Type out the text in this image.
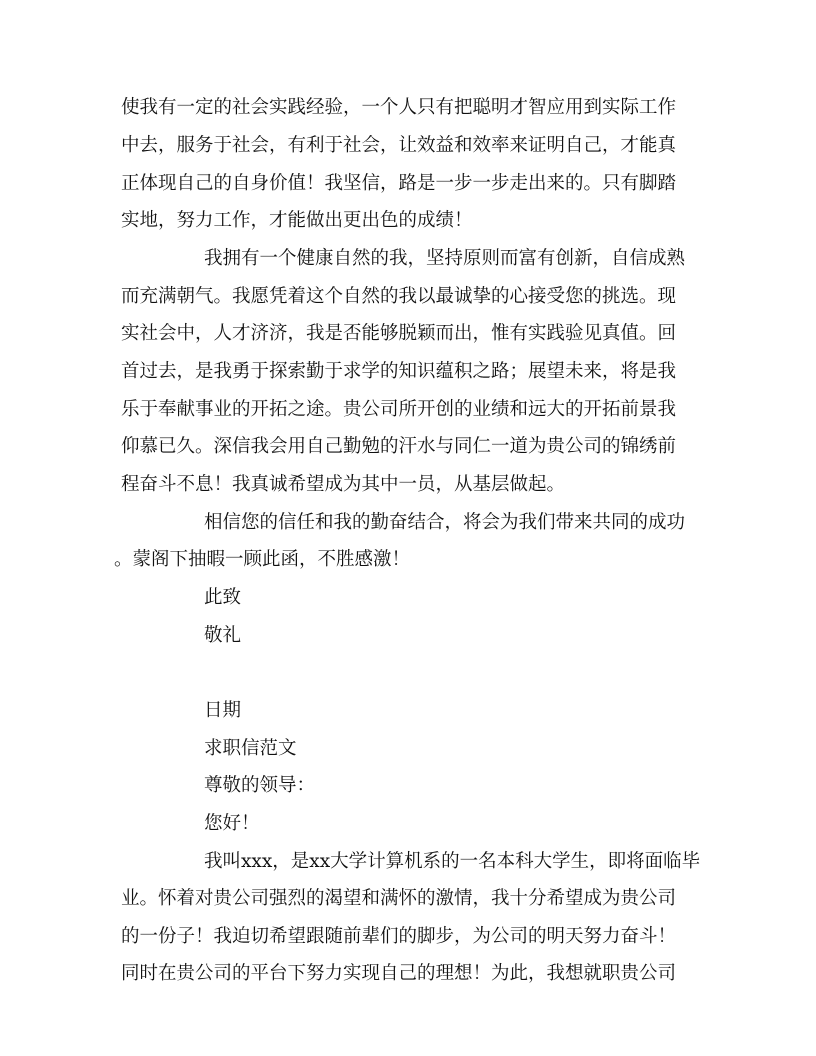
使我有一定的社会实践经验，一个人只有把聪明才智应用到实际工作
中去，服务于社会，有利于社会，让效益和效率来证明自己，才能真
正体现自己的自身价值！我坚信，路是一步一步走出来的。只有脚踏
实地，努力工作，才能做出更出色的成绩！
我拥有一个健康自然的我，坚持原则而富有创新，自信成熟
而充满朝气。我愿凭着这个自然的我以最诚挚的心接受您的挑选。现
实社会中，人才济济，我是否能够脱颖而出，惟有实践验见真值。回
首过去，是我勇于探索勤于求学的知识蕴积之路；展望未来，将是我
乐于奉献事业的开拓之途。贵公司所开创的业绩和远大的开拓前景我
仰慕已久。深信我会用自己勤勉的汗水与同仁一道为贵公司的锦绣前
程奋斗不息！我真诚希望成为其中一员，从基层做起。
相信您的信任和我的勤奋结合，将会为我们带来共同的成功
。蒙阁下抽暇一顾此函，不胜感激！
此致
敬礼
日期
求职信范文
尊敬的领导：
您好！
我叫xxx，是xx大学计算机系的一名本科大学生，即将面临毕
业。怀着对贵公司强烈的渴望和满怀的激情，我十分希望成为贵公司
的一份子！我迫切希望跟随前辈们的脚步，为公司的明天努力奋斗！
同时在贵公司的平台下努力实现自己的理想！为此，我想就职贵公司
